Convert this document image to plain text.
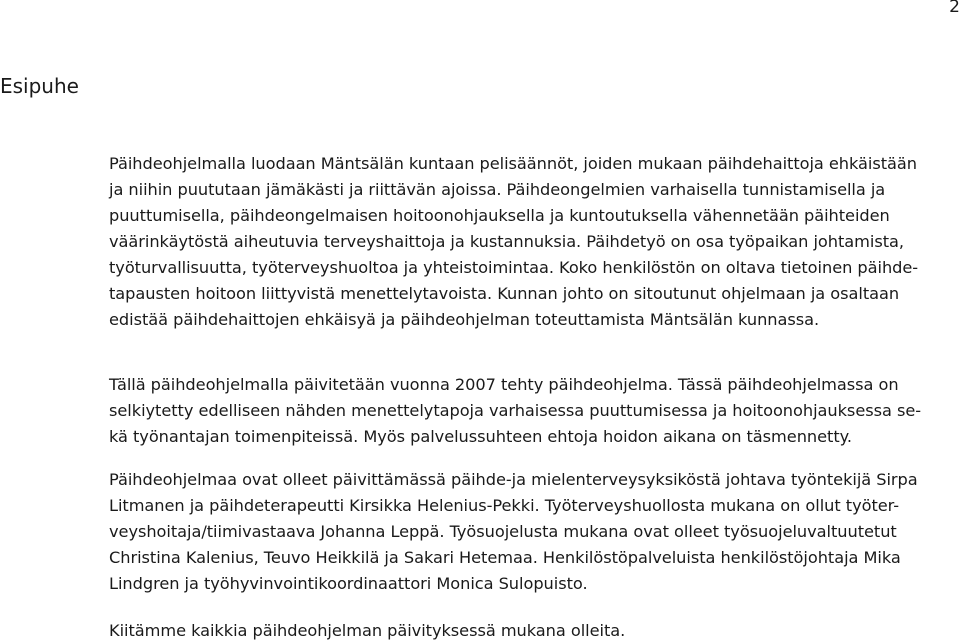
2
Esipuhe

Päihdeohjelmalla luodaan Mäntsälän kuntaan pelisäännöt, joiden mukaan päihdehaittoja ehkäistään
ja niihin puututaan jämäkästi ja riittävän ajoissa. Päihdeongelmien varhaisella tunnistamisella ja
puuttumisella, päihdeongelmaisen hoitoonohjauksella ja kuntoutuksella vähennetään päihteiden
väärinkäytöstä aiheutuvia terveyshaittoja ja kustannuksia. Päihdetyö on osa työpaikan johtamista,
työturvallisuutta, työterveyshuoltoa ja yhteistoimintaa. Koko henkilöstön on oltava tietoinen päihde-
tapausten hoitoon liittyvistä menettelytavoista. Kunnan johto on sitoutunut ohjelmaan ja osaltaan
edistää päihdehaittojen ehkäisyä ja päihdeohjelman toteuttamista Mäntsälän kunnassa.

Tällä päihdeohjelmalla päivitetään vuonna 2007 tehty päihdeohjelma. Tässä päihdeohjelmassa on
selkiytetty edelliseen nähden menettelytapoja varhaisessa puuttumisessa ja hoitoonohjauksessa se-
kä työnantajan toimenpiteissä. Myös palvelussuhteen ehtoja hoidon aikana on täsmennetty.

Päihdeohjelmaa ovat olleet päivittämässä päihde-ja mielenterveysyksiköstä johtava työntekijä Sirpa
Litmanen ja päihdeterapeutti Kirsikka Helenius-Pekki. Työterveyshuollosta mukana on ollut työter-
veyshoitaja/tiimivastaava Johanna Leppä. Työsuojelusta mukana ovat olleet työsuojeluvaltuutetut
Christina Kalenius, Teuvo Heikkilä ja Sakari Hetemaa. Henkilöstöpalveluista henkilöstöjohtaja Mika
Lindgren ja työhyvinvointikoordinaattori Monica Sulopuisto.

Kiitämme kaikkia päihdeohjelman päivityksessä mukana olleita.
